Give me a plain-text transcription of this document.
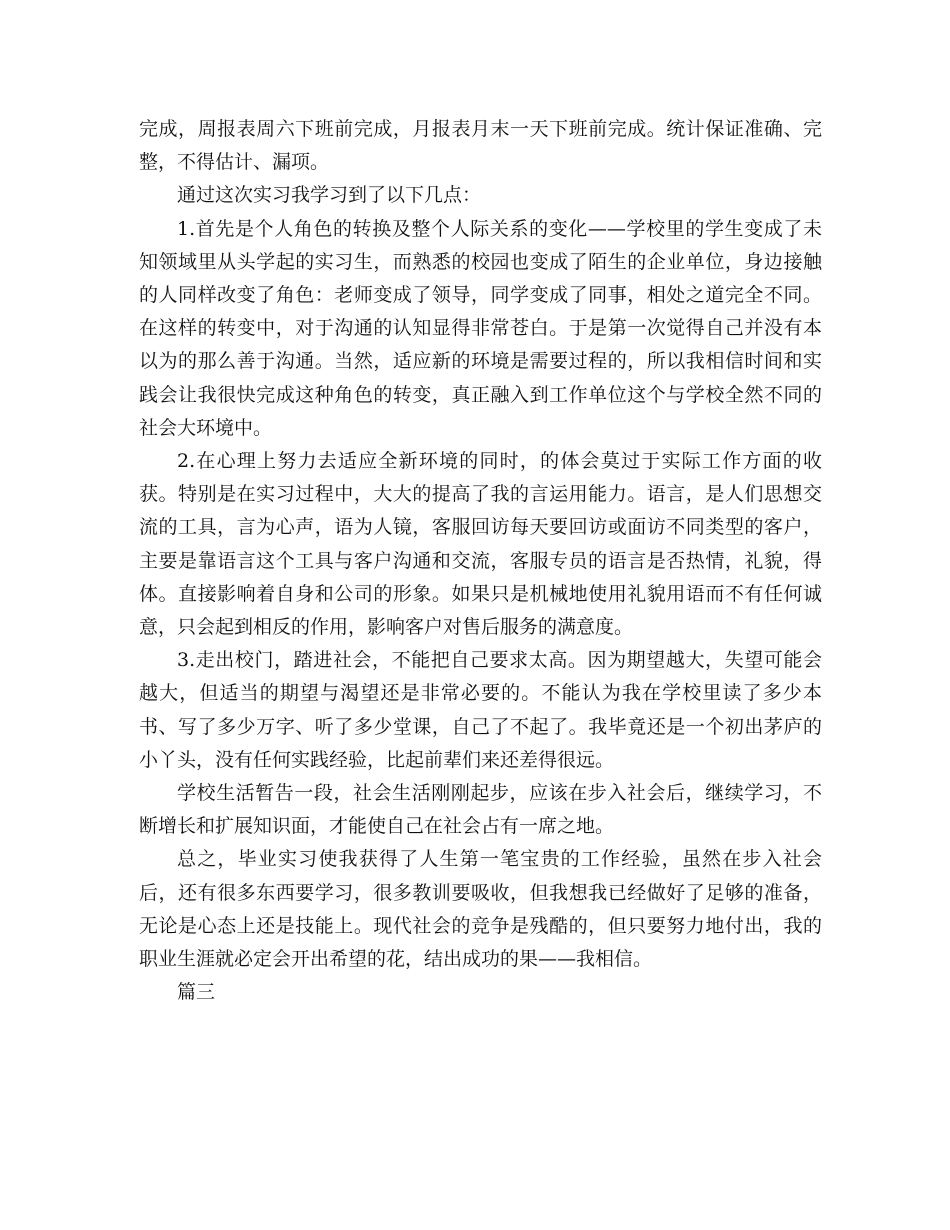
完成，周报表周六下班前完成，月报表月末一天下班前完成。统计保证准确、完整，不得估计、漏项。

通过这次实习我学习到了以下几点：

1.首先是个人角色的转换及整个人际关系的变化——学校里的学生变成了未知领域里从头学起的实习生，而熟悉的校园也变成了陌生的企业单位，身边接触的人同样改变了角色：老师变成了领导，同学变成了同事，相处之道完全不同。在这样的转变中，对于沟通的认知显得非常苍白。于是第一次觉得自己并没有本以为的那么善于沟通。当然，适应新的环境是需要过程的，所以我相信时间和实践会让我很快完成这种角色的转变，真正融入到工作单位这个与学校全然不同的社会大环境中。

2.在心理上努力去适应全新环境的同时，的体会莫过于实际工作方面的收获。特别是在实习过程中，大大的提高了我的言运用能力。语言，是人们思想交流的工具，言为心声，语为人镜，客服回访每天要回访或面访不同类型的客户，主要是靠语言这个工具与客户沟通和交流，客服专员的语言是否热情，礼貌，得体。直接影响着自身和公司的形象。如果只是机械地使用礼貌用语而不有任何诚意，只会起到相反的作用，影响客户对售后服务的满意度。

3.走出校门，踏进社会，不能把自己要求太高。因为期望越大，失望可能会越大，但适当的期望与渴望还是非常必要的。不能认为我在学校里读了多少本书、写了多少万字、听了多少堂课，自己了不起了。我毕竟还是一个初出茅庐的小丫头，没有任何实践经验，比起前辈们来还差得很远。

学校生活暂告一段，社会生活刚刚起步，应该在步入社会后，继续学习，不断增长和扩展知识面，才能使自己在社会占有一席之地。

总之，毕业实习使我获得了人生第一笔宝贵的工作经验，虽然在步入社会后，还有很多东西要学习，很多教训要吸收，但我想我已经做好了足够的准备，无论是心态上还是技能上。现代社会的竞争是残酷的，但只要努力地付出，我的职业生涯就必定会开出希望的花，结出成功的果——我相信。

篇三
